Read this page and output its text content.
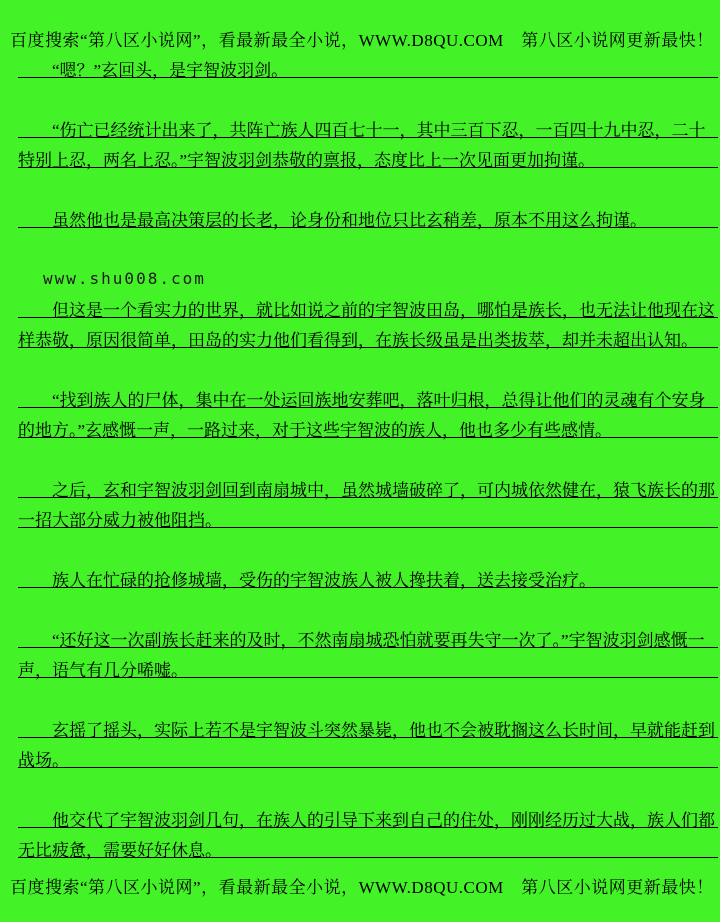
百度搜索“第八区小说网”，看最新最全小说，WWW.D8QU.COM　第八区小说网更新最快！

“嗯？”玄回头，是宇智波羽剑。

“伤亡已经统计出来了，共阵亡族人四百七十一，其中三百下忍，一百四十九中忍，二十特别上忍，两名上忍。”宇智波羽剑恭敬的禀报，态度比上一次见面更加拘谨。

虽然他也是最高决策层的长老，论身份和地位只比玄稍差，原本不用这么拘谨。

www.shu008.com

但这是一个看实力的世界，就比如说之前的宇智波田岛，哪怕是族长，也无法让他现在这样恭敬，原因很简单，田岛的实力他们看得到，在族长级虽是出类拔萃，却并未超出认知。

“找到族人的尸体，集中在一处运回族地安葬吧，落叶归根，总得让他们的灵魂有个安身的地方。”玄感慨一声，一路过来，对于这些宇智波的族人，他也多少有些感情。

之后，玄和宇智波羽剑回到南扇城中，虽然城墙破碎了，可内城依然健在，猿飞族长的那一招大部分威力被他阻挡。

族人在忙碌的抢修城墙，受伤的宇智波族人被人搀扶着，送去接受治疗。

“还好这一次副族长赶来的及时，不然南扇城恐怕就要再失守一次了。”宇智波羽剑感慨一声，语气有几分唏嘘。

玄摇了摇头，实际上若不是宇智波斗突然暴毙，他也不会被耽搁这么长时间，早就能赶到战场。

他交代了宇智波羽剑几句，在族人的引导下来到自己的住处，刚刚经历过大战，族人们都无比疲惫，需要好好休息。

百度搜索“第八区小说网”，看最新最全小说，WWW.D8QU.COM　第八区小说网更新最快！
